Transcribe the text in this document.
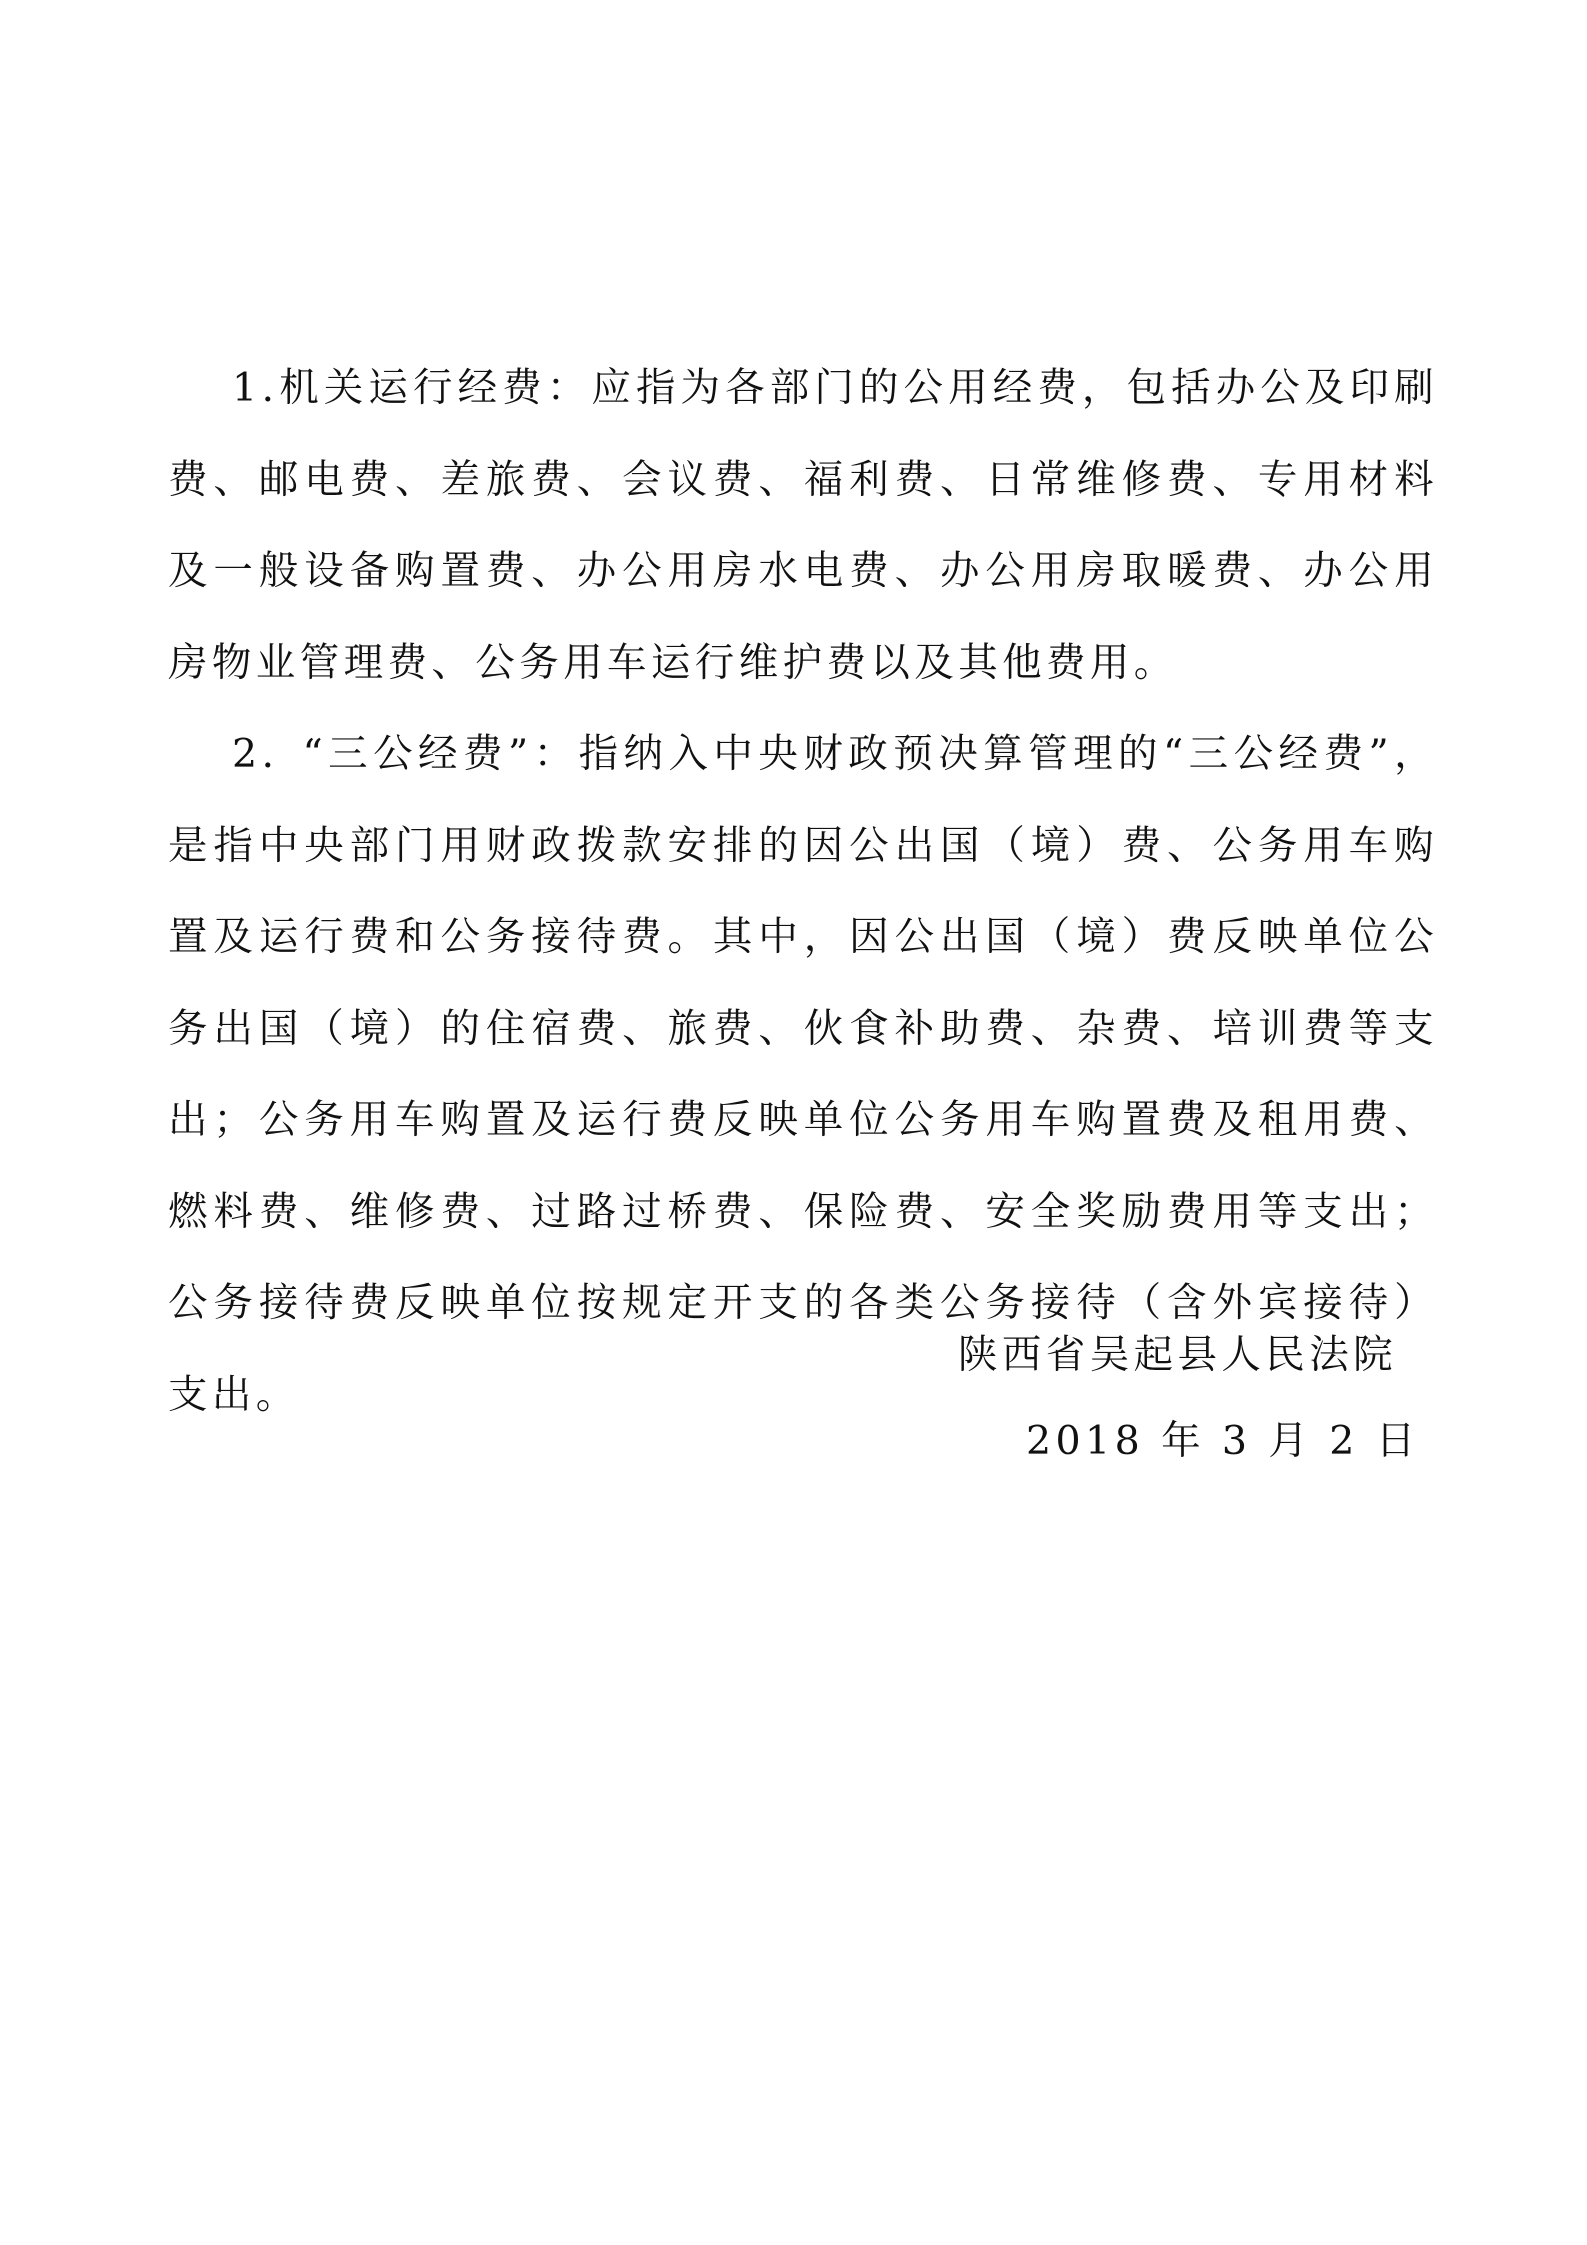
1.机关运行经费：应指为各部门的公用经费，包括办公及印刷费、邮电费、差旅费、会议费、福利费、日常维修费、专用材料及一般设备购置费、办公用房水电费、办公用房取暖费、办公用房物业管理费、公务用车运行维护费以及其他费用。

2. “三公经费”：指纳入中央财政预决算管理的“三公经费”，是指中央部门用财政拨款安排的因公出国（境）费、公务用车购置及运行费和公务接待费。其中，因公出国（境）费反映单位公务出国（境）的住宿费、旅费、伙食补助费、杂费、培训费等支出；公务用车购置及运行费反映单位公务用车购置费及租用费、燃料费、维修费、过路过桥费、保险费、安全奖励费用等支出；公务接待费反映单位按规定开支的各类公务接待（含外宾接待）支出。

陕西省吴起县人民法院
2018 年 3 月 2 日
